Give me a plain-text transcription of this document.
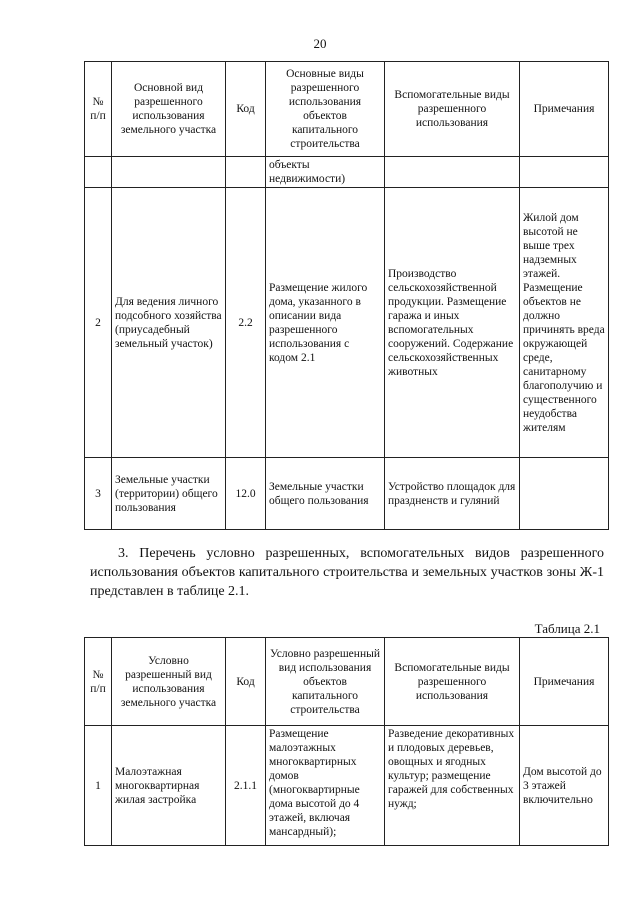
20
№ п/п	Основной вид разрешенного использования земельного участка	Код	Основные виды разрешенного использования объектов капитального строительства	Вспомогательные виды разрешенного использования	Примечания
			объекты недвижимости)		
2	Для ведения личного подсобного хозяйства (приусадебный земельный участок)	2.2	Размещение жилого дома, указанного в описании вида разрешенного использования с кодом 2.1	Производство сельскохозяйственной продукции. Размещение гаража и иных вспомогательных сооружений. Содержание сельскохозяйственных животных	Жилой дом высотой не выше трех надземных этажей. Размещение объектов не должно причинять вреда окружающей среде, санитарному благополучию и существенного неудобства жителям
3	Земельные участки (территории) общего пользования	12.0	Земельные участки общего пользования	Устройство площадок для праздненств и гуляний	
3. Перечень условно разрешенных, вспомогательных видов разрешенного использования объектов капитального строительства и земельных участков зоны Ж-1 представлен в таблице 2.1.
Таблица 2.1
№ п/п	Условно разрешенный вид использования земельного участка	Код	Условно разрешенный вид использования объектов капитального строительства	Вспомогательные виды разрешенного использования	Примечания
1	Малоэтажная многоквартирная жилая застройка	2.1.1	Размещение малоэтажных многоквартирных домов (многоквартирные дома высотой до 4 этажей, включая мансардный);	Разведение декоративных и плодовых деревьев, овощных и ягодных культур; размещение гаражей для собственных нужд;	Дом высотой до 3 этажей включительно
